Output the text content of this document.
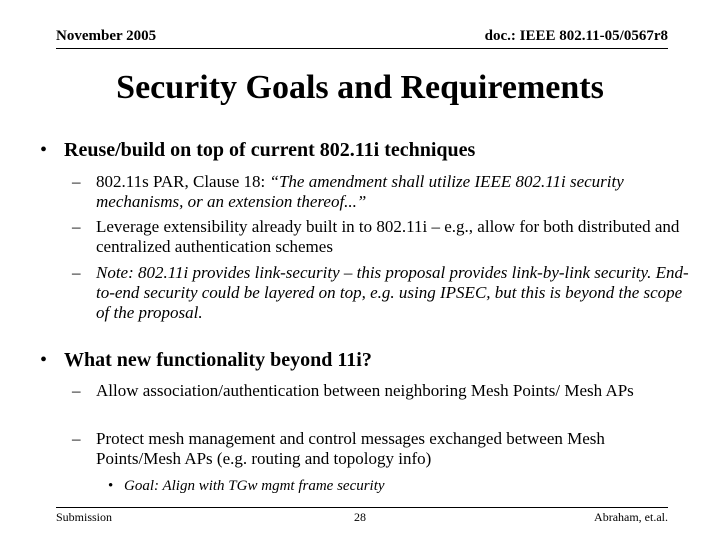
November 2005	doc.: IEEE 802.11-05/0567r8
Security Goals and Requirements
• Reuse/build on top of current 802.11i techniques
– 802.11s PAR, Clause 18: “The amendment shall utilize IEEE 802.11i security mechanisms, or an extension thereof...”
– Leverage extensibility already built in to 802.11i – e.g., allow for both distributed and centralized authentication schemes
– Note: 802.11i provides link-security – this proposal provides link-by-link security. End-to-end security could be layered on top, e.g. using IPSEC, but this is beyond the scope of the proposal.
• What new functionality beyond 11i?
– Allow association/authentication between neighboring Mesh Points/ Mesh APs
– Protect mesh management and control messages exchanged between Mesh Points/Mesh APs (e.g. routing and topology info)
• Goal: Align with TGw mgmt frame security
Submission	28	Abraham, et.al.
